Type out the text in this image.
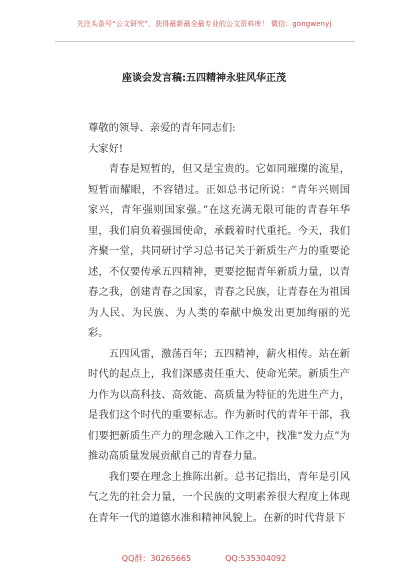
关注头条号“公文研究”，获得最新最全最专业的公文资料库！ 微信：gongwenyj
座谈会发言稿:五四精神永驻风华正茂

尊敬的领导、亲爱的青年同志们:

大家好!

青春是短暂的，但又是宝贵的。它如同璀璨的流星，短暂而耀眼，不容错过。正如总书记所说：“青年兴则国家兴，青年强则国家强。”在这充满无限可能的青春年华里，我们肩负着强国使命，承载着时代重托。今天，我们齐聚一堂，共同研讨学习总书记关于新质生产力的重要论述，不仅要传承五四精神，更要挖掘青年新质力量，以青春之我，创建青春之国家，青春之民族，让青春在为祖国为人民、为民族、为人类的奉献中焕发出更加绚丽的光彩。

五四风雷，激荡百年；五四精神，薪火相传。站在新时代的起点上，我们深感责任重大、使命光荣。新质生产力作为以高科技、高效能、高质量为特征的先进生产力，是我们这个时代的重要标志。作为新时代的青年干部，我们要把新质生产力的理念融入工作之中，找准“发力点”为推动高质量发展贡献自己的青春力量。

我们要在理念上推陈出新。总书记指出，青年是引风气之先的社会力量，一个民族的文明素养很大程度上体现在青年一代的道德水准和精神风貌上。在新的时代背景下

QQ群：30265665	QQ:535304092
